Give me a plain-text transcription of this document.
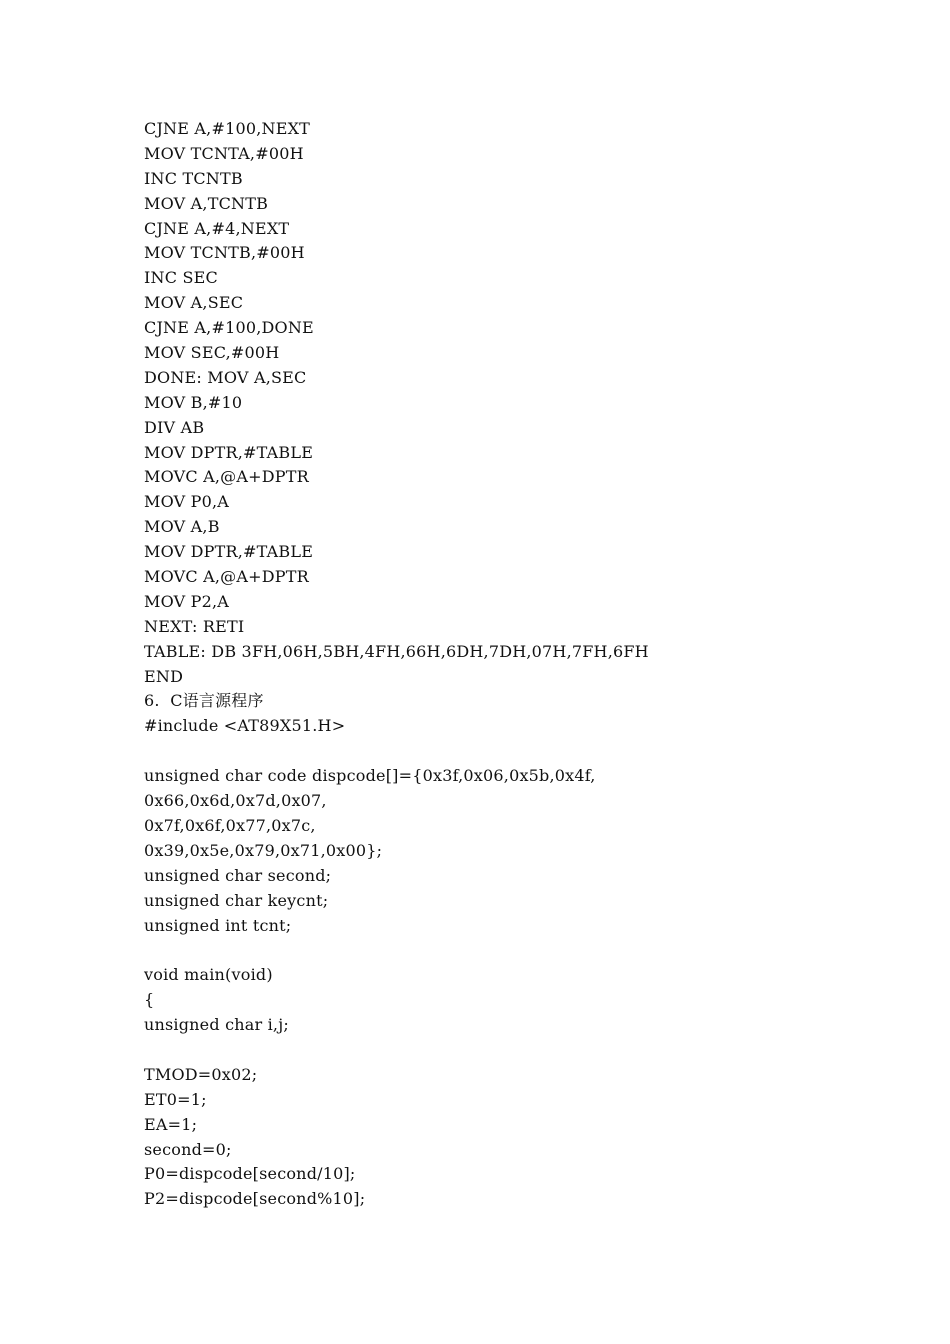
CJNE A,#100,NEXT
MOV TCNTA,#00H
INC TCNTB
MOV A,TCNTB
CJNE A,#4,NEXT
MOV TCNTB,#00H
INC SEC
MOV A,SEC
CJNE A,#100,DONE
MOV SEC,#00H
DONE: MOV A,SEC
MOV B,#10
DIV AB
MOV DPTR,#TABLE
MOVC A,@A+DPTR
MOV P0,A
MOV A,B
MOV DPTR,#TABLE
MOVC A,@A+DPTR
MOV P2,A
NEXT: RETI
TABLE: DB 3FH,06H,5BH,4FH,66H,6DH,7DH,07H,7FH,6FH
END
6.  C语言源程序
#include <AT89X51.H>
unsigned char code dispcode[]={0x3f,0x06,0x5b,0x4f,
0x66,0x6d,0x7d,0x07,
0x7f,0x6f,0x77,0x7c,
0x39,0x5e,0x79,0x71,0x00};
unsigned char second;
unsigned char keycnt;
unsigned int tcnt;
void main(void)
{
unsigned char i,j;
TMOD=0x02;
ET0=1;
EA=1;
second=0;
P0=dispcode[second/10];
P2=dispcode[second%10];
